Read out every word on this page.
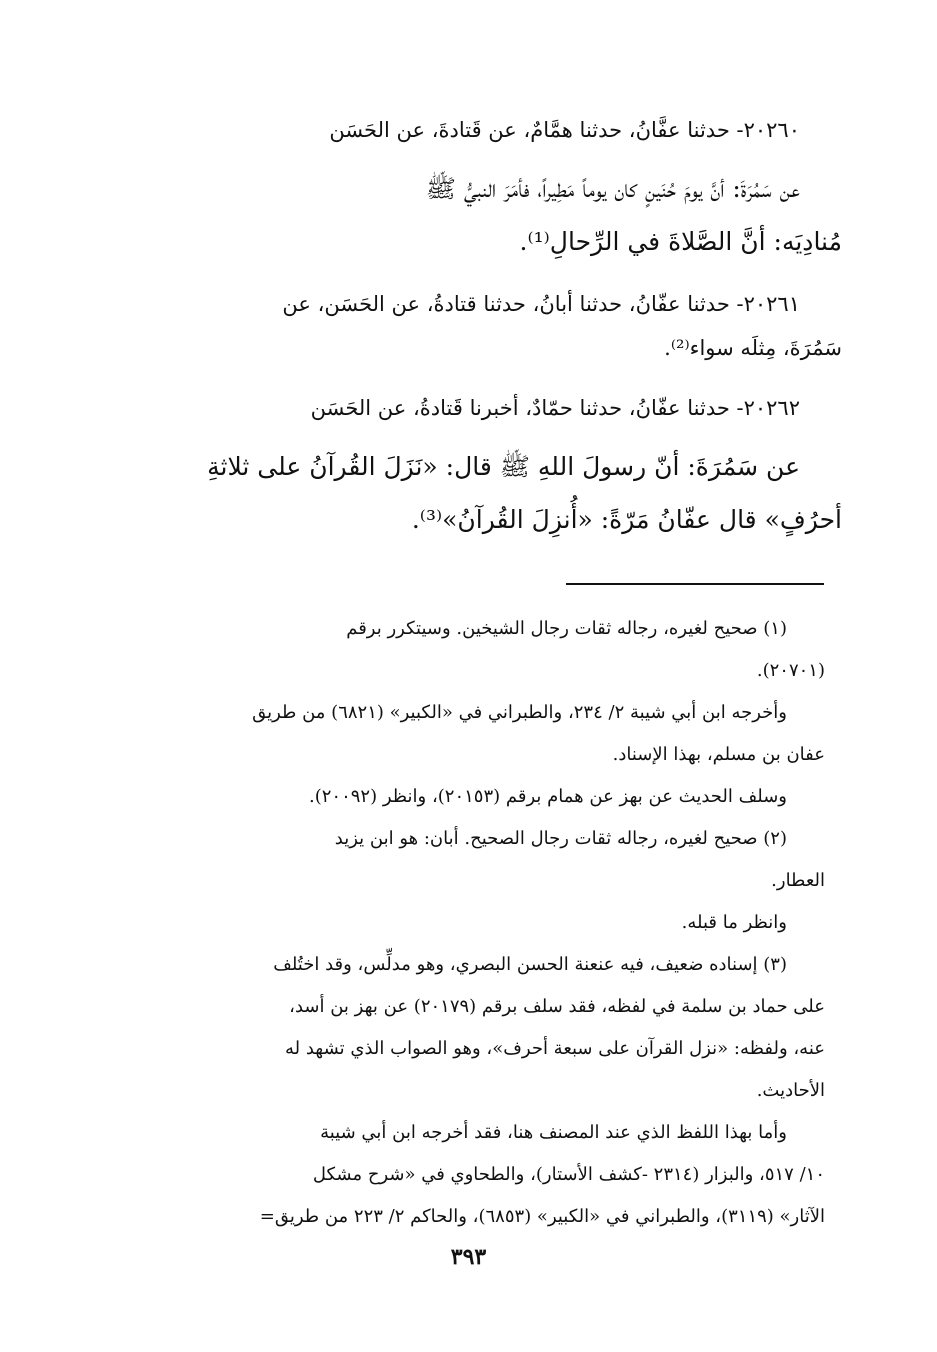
٢٠٢٦٠- حدثنا عفَّانُ، حدثنا همَّامٌ، عن قَتادةَ، عن الحَسَن

عن سَمُرَةَ: أنَّ يومَ حُنَينٍ كان يوماً مَطِيراً، فأمَرَ النبيُّ ﷺ

مُنادِيَه: أنَّ الصَّلاةَ في الرِّحالِ⁽¹⁾.

٢٠٢٦١- حدثنا عفّانُ، حدثنا أبانُ، حدثنا قتادةُ، عن الحَسَن، عن

سَمُرَةَ، مِثلَه سواء⁽²⁾.

٢٠٢٦٢- حدثنا عفّانُ، حدثنا حمّادٌ، أخبرنا قَتادةُ، عن الحَسَن

عن سَمُرَةَ: أنّ رسولَ اللهِ ﷺ قال: «نَزَلَ القُرآنُ على ثلاثةِ

أحرُفٍ» قال عفّانُ مَرّةً: «أُنزِلَ القُرآنُ»⁽³⁾.

(١) صحيح لغيره، رجاله ثقات رجال الشيخين. وسيتكرر برقم

(٢٠٧٠١).

وأخرجه ابن أبي شيبة ٢/ ٢٣٤، والطبراني في «الكبير» (٦٨٢١) من طريق

عفان بن مسلم، بهذا الإسناد.

وسلف الحديث عن بهز عن همام برقم (٢٠١٥٣)، وانظر (٢٠٠٩٢).

(٢) صحيح لغيره، رجاله ثقات رجال الصحيح. أبان: هو ابن يزيد

العطار.

وانظر ما قبله.

(٣) إسناده ضعيف، فيه عنعنة الحسن البصري، وهو مدلِّس، وقد اختُلف

على حماد بن سلمة في لفظه، فقد سلف برقم (٢٠١٧٩) عن بهز بن أسد،

عنه، ولفظه: «نزل القرآن على سبعة أحرف»، وهو الصواب الذي تشهد له

الأحاديث.

وأما بهذا اللفظ الذي عند المصنف هنا، فقد أخرجه ابن أبي شيبة

١٠/ ٥١٧، والبزار (٢٣١٤ -كشف الأستار)، والطحاوي في «شرح مشكل

الآثار» (٣١١٩)، والطبراني في «الكبير» (٦٨٥٣)، والحاكم ٢/ ٢٢٣ من طريق=

٣٩٣
